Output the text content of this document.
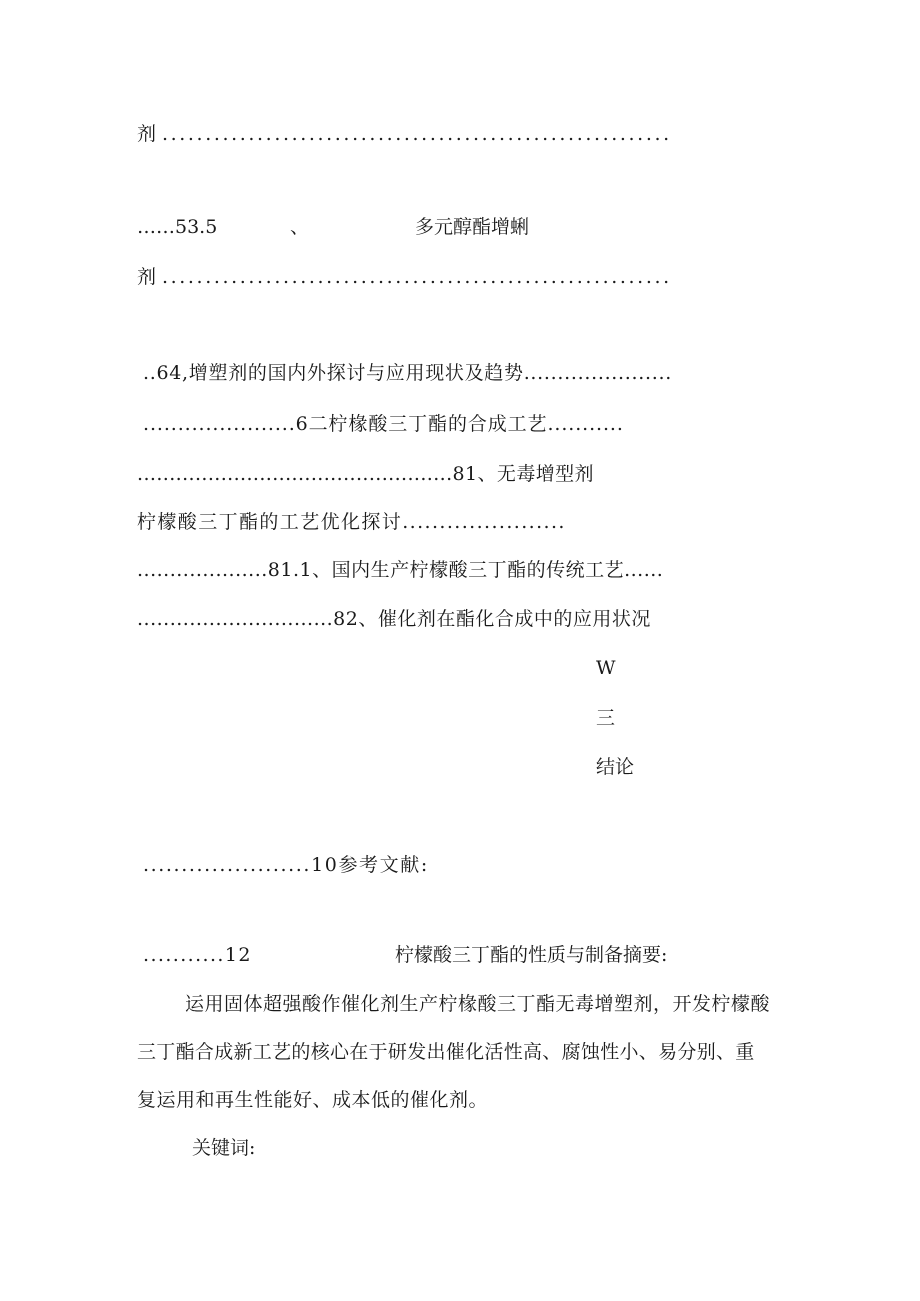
剂 ...........................................................
……53.5	、	多元醇酯增蜊
剂 ...........................................................
..64,增塑剂的国内外探讨与应用现状及趋势......................
......................6二柠椽酸三丁酯的合成工艺...........
.................................................81、无毒增型剂
柠檬酸三丁酯的工艺优化探讨......................
....................81.1、国内生产柠檬酸三丁酯的传统工艺......
..............................82、催化剂在酯化合成中的应用状况
W
三
结论
......................10参考文献:
...........12	柠檬酸三丁酯的性质与制备摘要:
运用固体超强酸作催化剂生产柠椽酸三丁酯无毒增塑剂，开发柠檬酸
三丁酯合成新工艺的核心在于研发出催化活性高、腐蚀性小、易分别、重
复运用和再生性能好、成本低的催化剂。
关键词:
